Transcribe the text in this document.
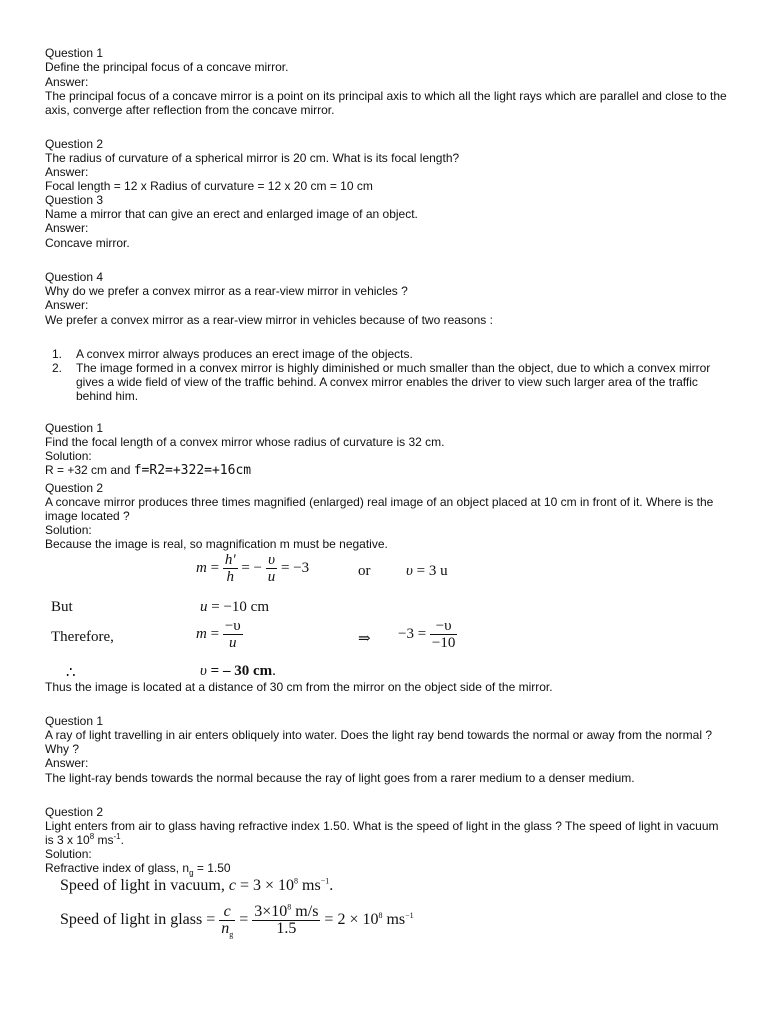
Question 1
Define the principal focus of a concave mirror.
Answer:
The principal focus of a concave mirror is a point on its principal axis to which all the light rays which are parallel and close to the
axis, converge after reflection from the concave mirror.
Question 2
The radius of curvature of a spherical mirror is 20 cm. What is its focal length?
Answer:
Focal length = 12 x Radius of curvature = 12 x 20 cm = 10 cm
Question 3
Name a mirror that can give an erect and enlarged image of an object.
Answer:
Concave mirror.
Question 4
Why do we prefer a convex mirror as a rear-view mirror in vehicles ?
Answer:
We prefer a convex mirror as a rear-view mirror in vehicles because of two reasons :
1. A convex mirror always produces an erect image of the objects.
2. The image formed in a convex mirror is highly diminished or much smaller than the object, due to which a convex mirror
gives a wide field of view of the traffic behind. A convex mirror enables the driver to view such larger area of the traffic
behind him.
Question 1
Find the focal length of a convex mirror whose radius of curvature is 32 cm.
Solution:
R = +32 cm and f=R2=+322=+16cm
Question 2
A concave mirror produces three times magnified (enlarged) real image of an object placed at 10 cm in front of it. Where is the
image located ?
Solution:
Because the image is real, so magnification m must be negative.
$m = \frac{h'}{h}$ = − $\frac{\upsilon}{u} = -3$	or υ = 3 u
But	u = −10 cm
Therefore,	$m = \frac{-\upsilon}{u}$	⇒ $-3 = \frac{-\upsilon}{-10}$
∴	υ = – 30 cm.
Thus the image is located at a distance of 30 cm from the mirror on the object side of the mirror.
Question 1
A ray of light travelling in air enters obliquely into water. Does the light ray bend towards the normal or away from the normal ?
Why ?
Answer:
The light-ray bends towards the normal because the ray of light goes from a rarer medium to a denser medium.
Question 2
Light enters from air to glass having refractive index 1.50. What is the speed of light in the glass ? The speed of light in vacuum
is 3 x $10^8$ $ms^{-1}$.
Solution:
Refractive index of glass, $n_g = 1.50$
Speed of light in vacuum, $c = 3 \times 10^8$ $ms^{-1}$.
Speed of light in glass = $\frac{c}{n_g} = \frac{3\times 10^8 m/s}{1.5} = 2 \times 10^8$ $ms^{-1}$
